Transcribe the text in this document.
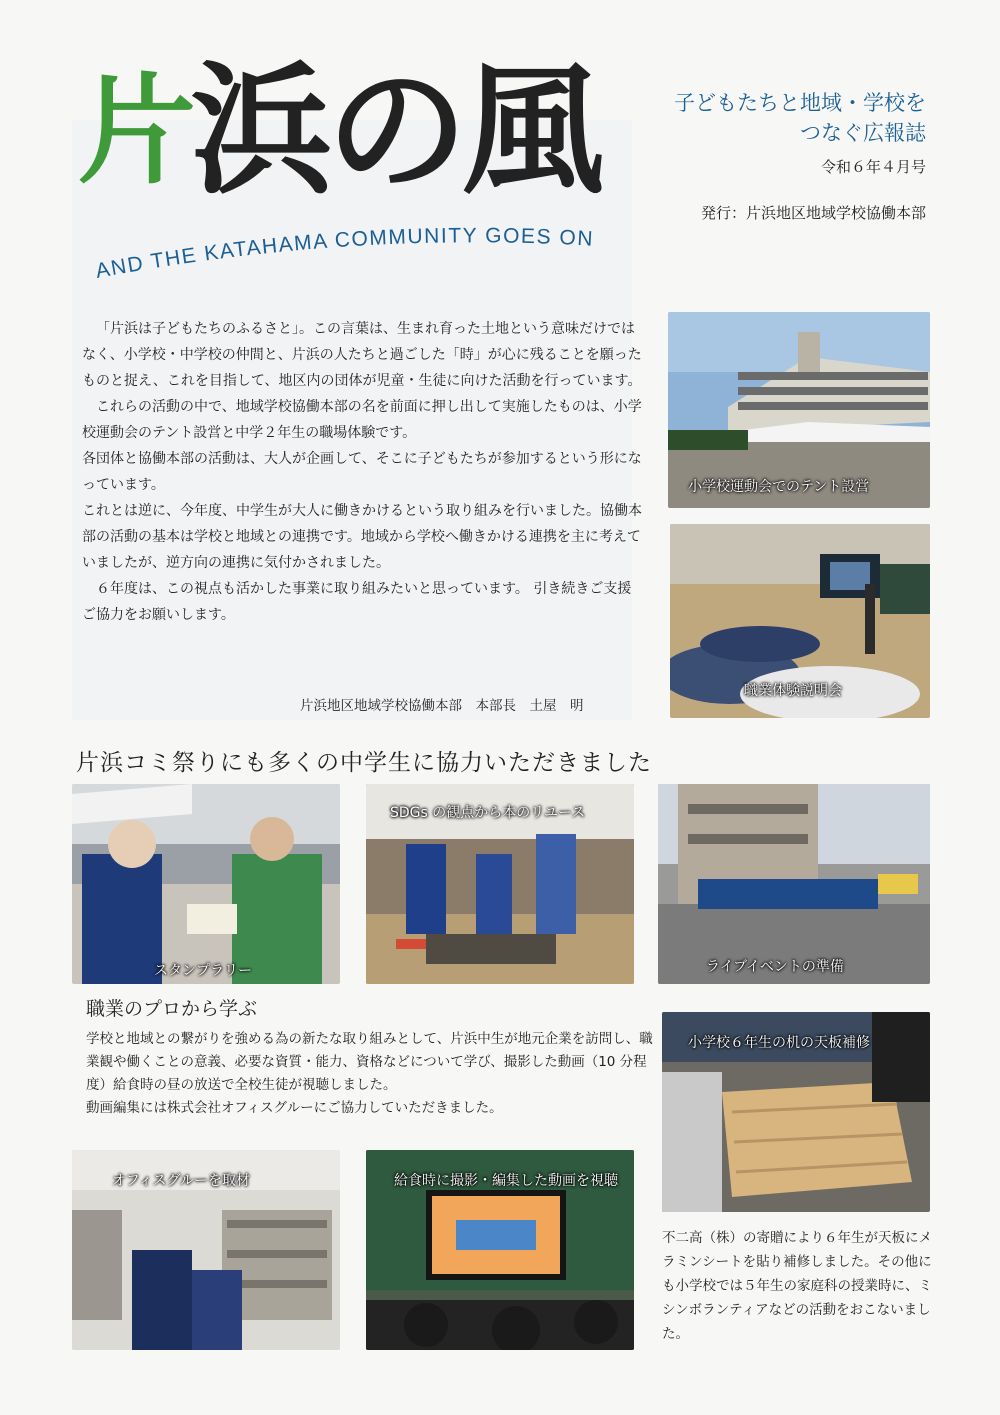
片
浜の風
AND THE KATAHAMA COMMUNITY GOES ON
子どもたちと地域・学校を
つなぐ広報誌
令和６年４月号
発行：片浜地区地域学校協働本部

「片浜は子どもたちのふるさと」。この言葉は、生まれ育った土地という意味だけではなく、小学校・中学校の仲間と、片浜の人たちと過ごした「時」が心に残ることを願ったものと捉え、これを目指して、地区内の団体が児童・生徒に向けた活動を行っています。

これらの活動の中で、地域学校協働本部の名を前面に押し出して実施したものは、小学校運動会のテント設営と中学２年生の職場体験です。

各団体と協働本部の活動は、大人が企画して、そこに子どもたちが参加するという形になっています。

これとは逆に、今年度、中学生が大人に働きかけるという取り組みを行いました。協働本部の活動の基本は学校と地域との連携です。地域から学校へ働きかける連携を主に考えていましたが、逆方向の連携に気付かされました。

６年度は、この視点も活かした事業に取り組みたいと思っています。 引き続きご支援ご協力をお願いします。

片浜地区地域学校協働本部　本部長　土屋　明
小学校運動会でのテント設営
職業体験説明会
片浜コミ祭りにも多くの中学生に協力いただきました
スタンプラリー
SDGs の観点から本のリユース
ライブイベントの準備
職業のプロから学ぶ

学校と地域との繋がりを強める為の新たな取り組みとして、片浜中生が地元企業を訪問し、職業観や働くことの意義、必要な資質・能力、資格などについて学び、撮影した動画（10 分程度）給食時の昼の放送で全校生徒が視聴しました。

動画編集には株式会社オフィスグルーにご協力していただきました。

小学校６年生の机の天板補修
オフィスグルーを取材	給食時に撮影・編集した動画を視聴
不二高（株）の寄贈により６年生が天板にメラミンシートを貼り補修しました。その他にも小学校では５年生の家庭科の授業時に、ミシンボランティアなどの活動をおこないました。
